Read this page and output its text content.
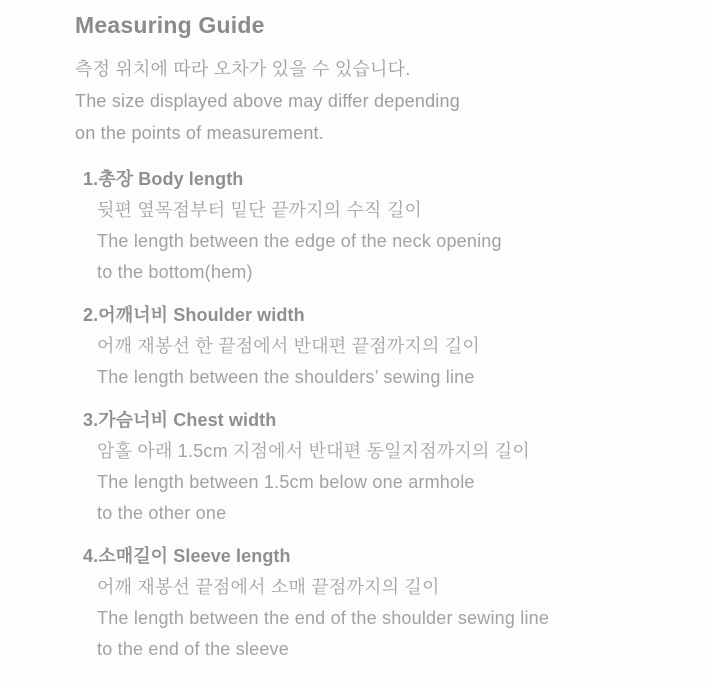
Measuring Guide
측정 위치에 따라 오차가 있을 수 있습니다.
The size displayed above may differ depending
on the points of measurement.
1. 총장 Body length
뒷편 옆목점부터 밑단 끝까지의 수직 길이
The length between the edge of the neck opening
to the bottom(hem)
2. 어깨너비 Shoulder width
어깨 재봉선 한 끝점에서 반대편 끝점까지의 길이
The length between the shoulders’ sewing line
3. 가슴너비 Chest width
암홀 아래 1.5cm 지점에서 반대편 동일지점까지의 길이
The length between 1.5cm below one armhole
to the other one
4. 소매길이 Sleeve length
어깨 재봉선 끝점에서 소매 끝점까지의 길이
The length between the end of the shoulder sewing line
to the end of the sleeve
